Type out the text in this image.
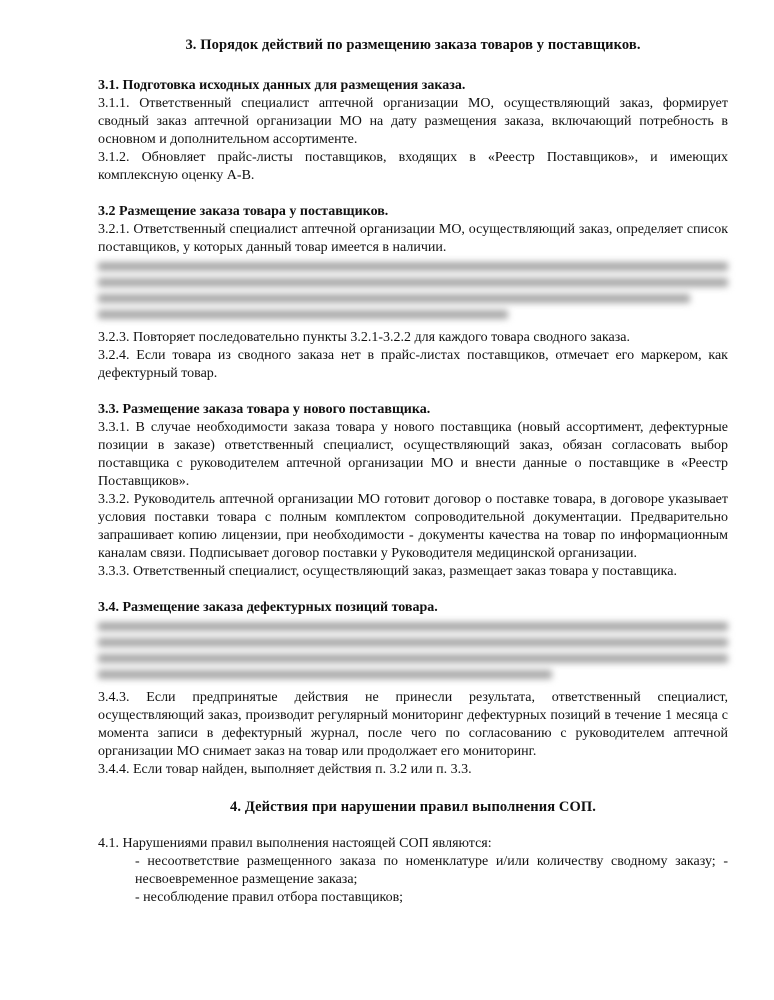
3. Порядок действий по размещению заказа товаров у поставщиков.
3.1. Подготовка исходных данных для размещения заказа.

3.1.1. Ответственный специалист аптечной организации МО, осуществляющий заказ, формирует сводный заказ аптечной организации МО на дату размещения заказа, включающий потребность в основном и дополнительном ассортименте.

3.1.2. Обновляет прайс-листы поставщиков, входящих в «Реестр Поставщиков», и имеющих комплексную оценку А-В.

3.2 Размещение заказа товара у поставщиков.

3.2.1. Ответственный специалист аптечной организации МО, осуществляющий заказ, определяет список поставщиков, у которых данный товар имеется в наличии.

3.2.3. Повторяет последовательно пункты 3.2.1-3.2.2 для каждого товара сводного заказа.

3.2.4. Если товара из сводного заказа нет в прайс-листах поставщиков, отмечает его маркером, как дефектурный товар.

3.3. Размещение заказа товара у нового поставщика.

3.3.1. В случае необходимости заказа товара у нового поставщика (новый ассортимент, дефектурные позиции в заказе) ответственный специалист, осуществляющий заказ, обязан согласовать выбор поставщика с руководителем аптечной организации МО и внести данные о поставщике в «Реестр Поставщиков».

3.3.2. Руководитель аптечной организации МО готовит договор о поставке товара, в договоре указывает условия поставки товара с полным комплектом сопроводительной документации. Предварительно запрашивает копию лицензии, при необходимости - документы качества на товар по информационным каналам связи. Подписывает договор поставки у Руководителя медицинской организации.

3.3.3. Ответственный специалист, осуществляющий заказ, размещает заказ товара у поставщика.

3.4. Размещение заказа дефектурных позиций товара.

3.4.3. Если предпринятые действия не принесли результата, ответственный специалист, осуществляющий заказ, производит регулярный мониторинг дефектурных позиций в течение 1 месяца с момента записи в дефектурный журнал, после чего по согласованию с руководителем аптечной организации МО снимает заказ на товар или продолжает его мониторинг.

3.4.4. Если товар найден, выполняет действия п. 3.2 или п. 3.3.

4. Действия при нарушении правил выполнения СОП.

4.1. Нарушениями правил выполнения настоящей СОП являются:

- несоответствие размещенного заказа по номенклатуре и/или количеству сводному заказу; - несвоевременное размещение заказа;

- несоблюдение правил отбора поставщиков;
